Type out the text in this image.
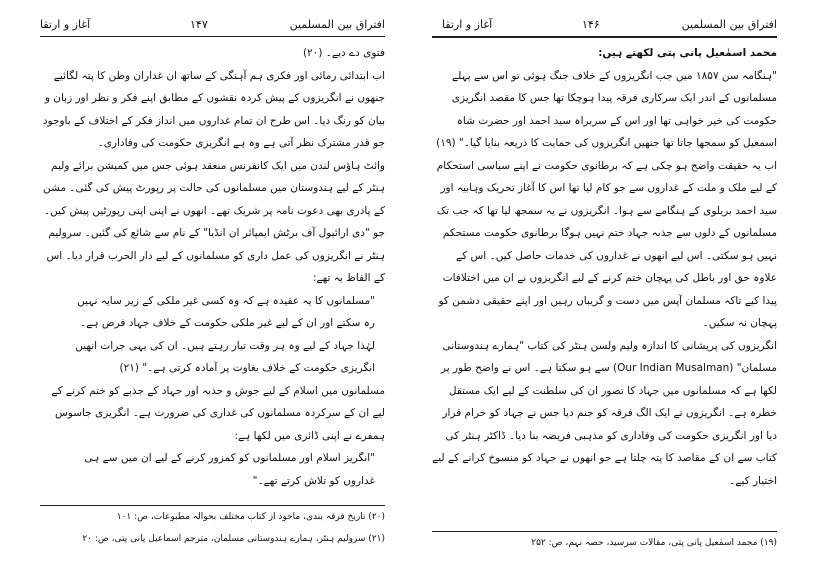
آغاز و ارتقا	۱۴۷	افتراق بین المسلمین

فتوی دے دیے۔ (۲۰)

اب ابتدائی رمائی اور فکری ہم آہنگی کے ساتھ ان غداران وطن کا پتہ لگائیے جنھوں نے انگریزوں کے پیش کردہ نقشوں کے مطابق اپنے فکر و نظر اور زبان و بیان کو رنگ دیا۔ اس طرح ان تمام غداروں میں انداز فکر کے اختلاف کے باوجود جو قدر مشترک نظر آتی ہے وہ ہے انگریزی حکومت کی وفاداری۔

وائٹ ہاؤس لندن میں ایک کانفرنس منعقد ہوئی جس میں کمیشن برائے ولیم ہنٹر کے لیے ہندوستان میں مسلمانوں کی حالت پر رپورٹ پیش کی گئی۔ مشن کے پادری بھی دعوت نامہ پر شریک تھے۔ انھوں نے اپنی اپنی رپورٹیں پیش کیں۔ جو "دی ارائیول آف برٹش ایمپائر ان انڈیا" کے نام سے شائع کی گئیں۔ سرولیم ہنٹر نے انگریزوں کی عمل داری کو مسلمانوں کے لیے دار الحرب قرار دیا۔ اس کے الفاظ یہ تھے:

"مسلمانوں کا یہ عقیدہ ہے کہ وہ کسی غیر ملکی کے زیر سایہ نہیں رہ سکتے اور ان کے لیے غیر ملکی حکومت کے خلاف جہاد فرض ہے۔ لہٰذا جہاد کے لیے وہ ہر وقت تیار رہتے ہیں۔ ان کی یہی جرات انھیں انگریزی حکومت کے خلاف بغاوت پر آمادہ کرتی ہے۔" (۲۱)

مسلمانوں میں اسلام کے لیے جوش و جذبہ اور جہاد کے جذبے کو ختم کرنے کے لیے ان کے سرکردہ مسلمانوں کی غداری کی ضرورت ہے۔ انگریزی جاسوس ہمفرے نے اپنی ڈائری میں لکھا ہے:

"انگریز اسلام اور مسلمانوں کو کمزور کرنے کے لیے ان میں سے ہی غداروں کو تلاش کرتے تھے۔"

(۲۰) تاریخ فرقہ بندی، ماخوذ از کتاب مختلف بحوالہ مطبوعات، ص: ۱۰۱

(۲۱) سرولیم ہنٹر، ہمارے ہندوستانی مسلمان، مترجم اسماعیل پانی پتی، ص: ۲۰

آغاز و ارتقا	۱۴۶	افتراق بین المسلمین

محمد اسمٰعیل پانی پتی لکھتے ہیں:

"ہنگامہ سن ۱۸۵۷ میں جب انگریزوں کے خلاف جنگ ہوئی تو اس سے پہلے مسلمانوں کے اندر ایک سرکاری فرقہ پیدا ہوچکا تھا جس کا مقصد انگریزی حکومت کی خیر خواہی تھا اور اس کے سربراہ سید احمد اور حضرت شاہ اسمعیل کو سمجھا جاتا تھا جنھیں انگریزوں کی حمایت کا ذریعہ بنایا گیا۔" (۱۹)

اب یہ حقیقت واضح ہو چکی ہے کہ برطانوی حکومت نے اپنے سیاسی استحکام کے لیے ملک و ملت کے غداروں سے جو کام لیا تھا اس کا آغاز تحریک وہابیہ اور سید احمد بریلوی کے ہنگامے سے ہوا۔ انگریزوں نے یہ سمجھ لیا تھا کہ جب تک مسلمانوں کے دلوں سے جذبہ جہاد ختم نہیں ہوگا برطانوی حکومت مستحکم نہیں ہو سکتی۔ اس لیے انھوں نے غداروں کی خدمات حاصل کیں۔ اس کے علاوہ حق اور باطل کی پہچان ختم کرنے کے لیے انگریزوں نے ان میں اختلافات پیدا کیے تاکہ مسلمان آپس میں دست و گریباں رہیں اور اپنے حقیقی دشمن کو پہچان نہ سکیں۔

انگریزوں کی پریشانی کا اندازہ ولیم ولسن ہنٹر کی کتاب "ہمارے ہندوستانی مسلمان" (Our Indian Musalman) سے ہو سکتا ہے۔ اس نے واضح طور پر لکھا ہے کہ مسلمانوں میں جہاد کا تصور ان کی سلطنت کے لیے ایک مستقل خطرہ ہے۔ انگریزوں نے ایک الگ فرقہ کو جنم دیا جس نے جہاد کو حرام قرار دیا اور انگریزی حکومت کی وفاداری کو مذہبی فریضہ بنا دیا۔ ڈاکٹر ہنٹر کی کتاب سے ان کے مقاصد کا پتہ چلتا ہے جو انھوں نے جہاد کو منسوخ کرانے کے لیے اختیار کیے۔

(۱۹) محمد اسمٰعیل پانی پتی، مقالات سرسید، حصہ نہم، ص: ۲۵۲
